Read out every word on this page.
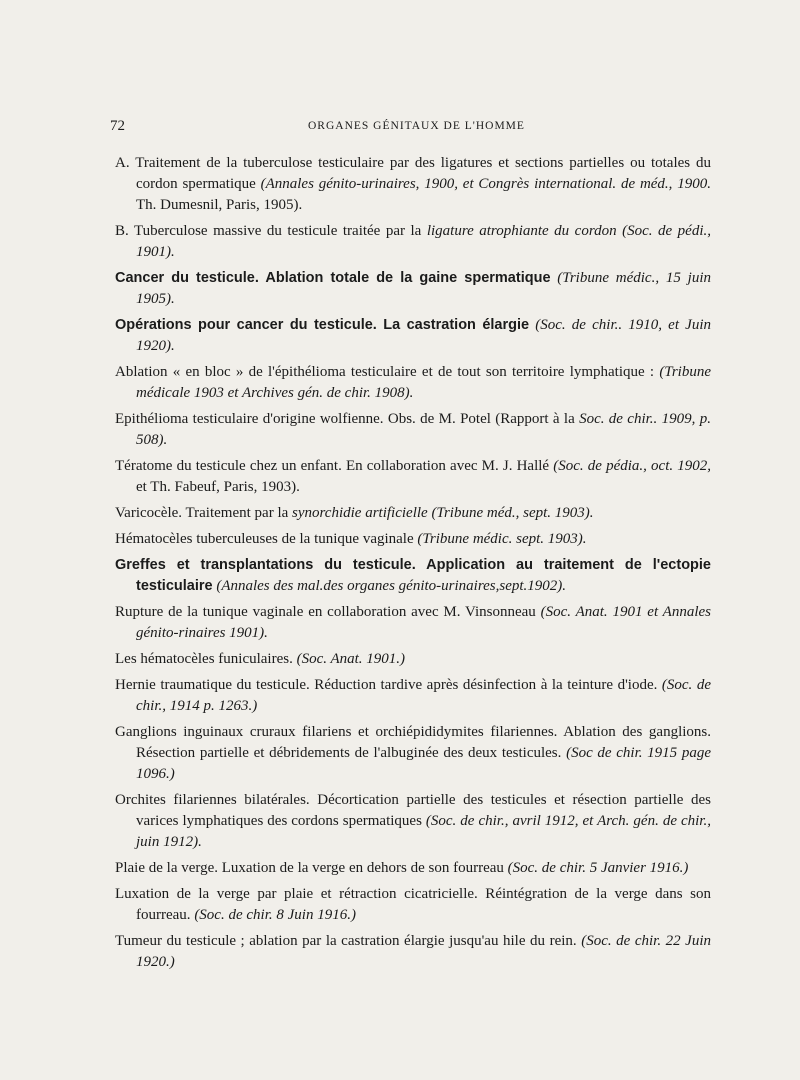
72	ORGANES GÉNITAUX DE L'HOMME

A. Traitement de la tuberculose testiculaire par des ligatures et sections partielles ou totales du cordon spermatique (Annales génito-urinaires, 1900, et Congrès international. de méd., 1900. Th. Dumesnil, Paris, 1905).

B. Tuberculose massive du testicule traitée par la ligature atrophiante du cordon (Soc. de pédi., 1901).

Cancer du testicule. Ablation totale de la gaine spermatique (Tribune médic., 15 juin 1905).

Opérations pour cancer du testicule. La castration élargie (Soc. de chir.. 1910, et Juin 1920).

Ablation « en bloc » de l'épithélioma testiculaire et de tout son territoire lymphatique : (Tribune médicale 1903 et Archives gén. de chir. 1908).

Epithélioma testiculaire d'origine wolfienne. Obs. de M. Potel (Rapport à la Soc. de chir.. 1909, p. 508).

Tératome du testicule chez un enfant. En collaboration avec M. J. Hallé (Soc. de pédia., oct. 1902, et Th. Fabeuf, Paris, 1903).

Varicocèle. Traitement par la synorchidie artificielle (Tribune méd., sept. 1903).

Hématocèles tuberculeuses de la tunique vaginale (Tribune médic. sept. 1903).

Greffes et transplantations du testicule. Application au traitement de l'ectopie testiculaire (Annales des mal.des organes génito-urinaires,sept.1902).

Rupture de la tunique vaginale en collaboration avec M. Vinsonneau (Soc. Anat. 1901 et Annales génito-rinaires 1901).

Les hématocèles funiculaires. (Soc. Anat. 1901.)

Hernie traumatique du testicule. Réduction tardive après désinfection à la teinture d'iode. (Soc. de chir., 1914 p. 1263.)

Ganglions inguinaux cruraux filariens et orchiépididymites filariennes. Ablation des ganglions. Résection partielle et débridements de l'albuginée des deux testicules. (Soc de chir. 1915 page 1096.)

Orchites filariennes bilatérales. Décortication partielle des testicules et résection partielle des varices lymphatiques des cordons spermatiques (Soc. de chir., avril 1912, et Arch. gén. de chir., juin 1912).

Plaie de la verge. Luxation de la verge en dehors de son fourreau (Soc. de chir. 5 Janvier 1916.)

Luxation de la verge par plaie et rétraction cicatricielle. Réintégration de la verge dans son fourreau. (Soc. de chir. 8 Juin 1916.)

Tumeur du testicule ; ablation par la castration élargie jusqu'au hile du rein. (Soc. de chir. 22 Juin 1920.)
